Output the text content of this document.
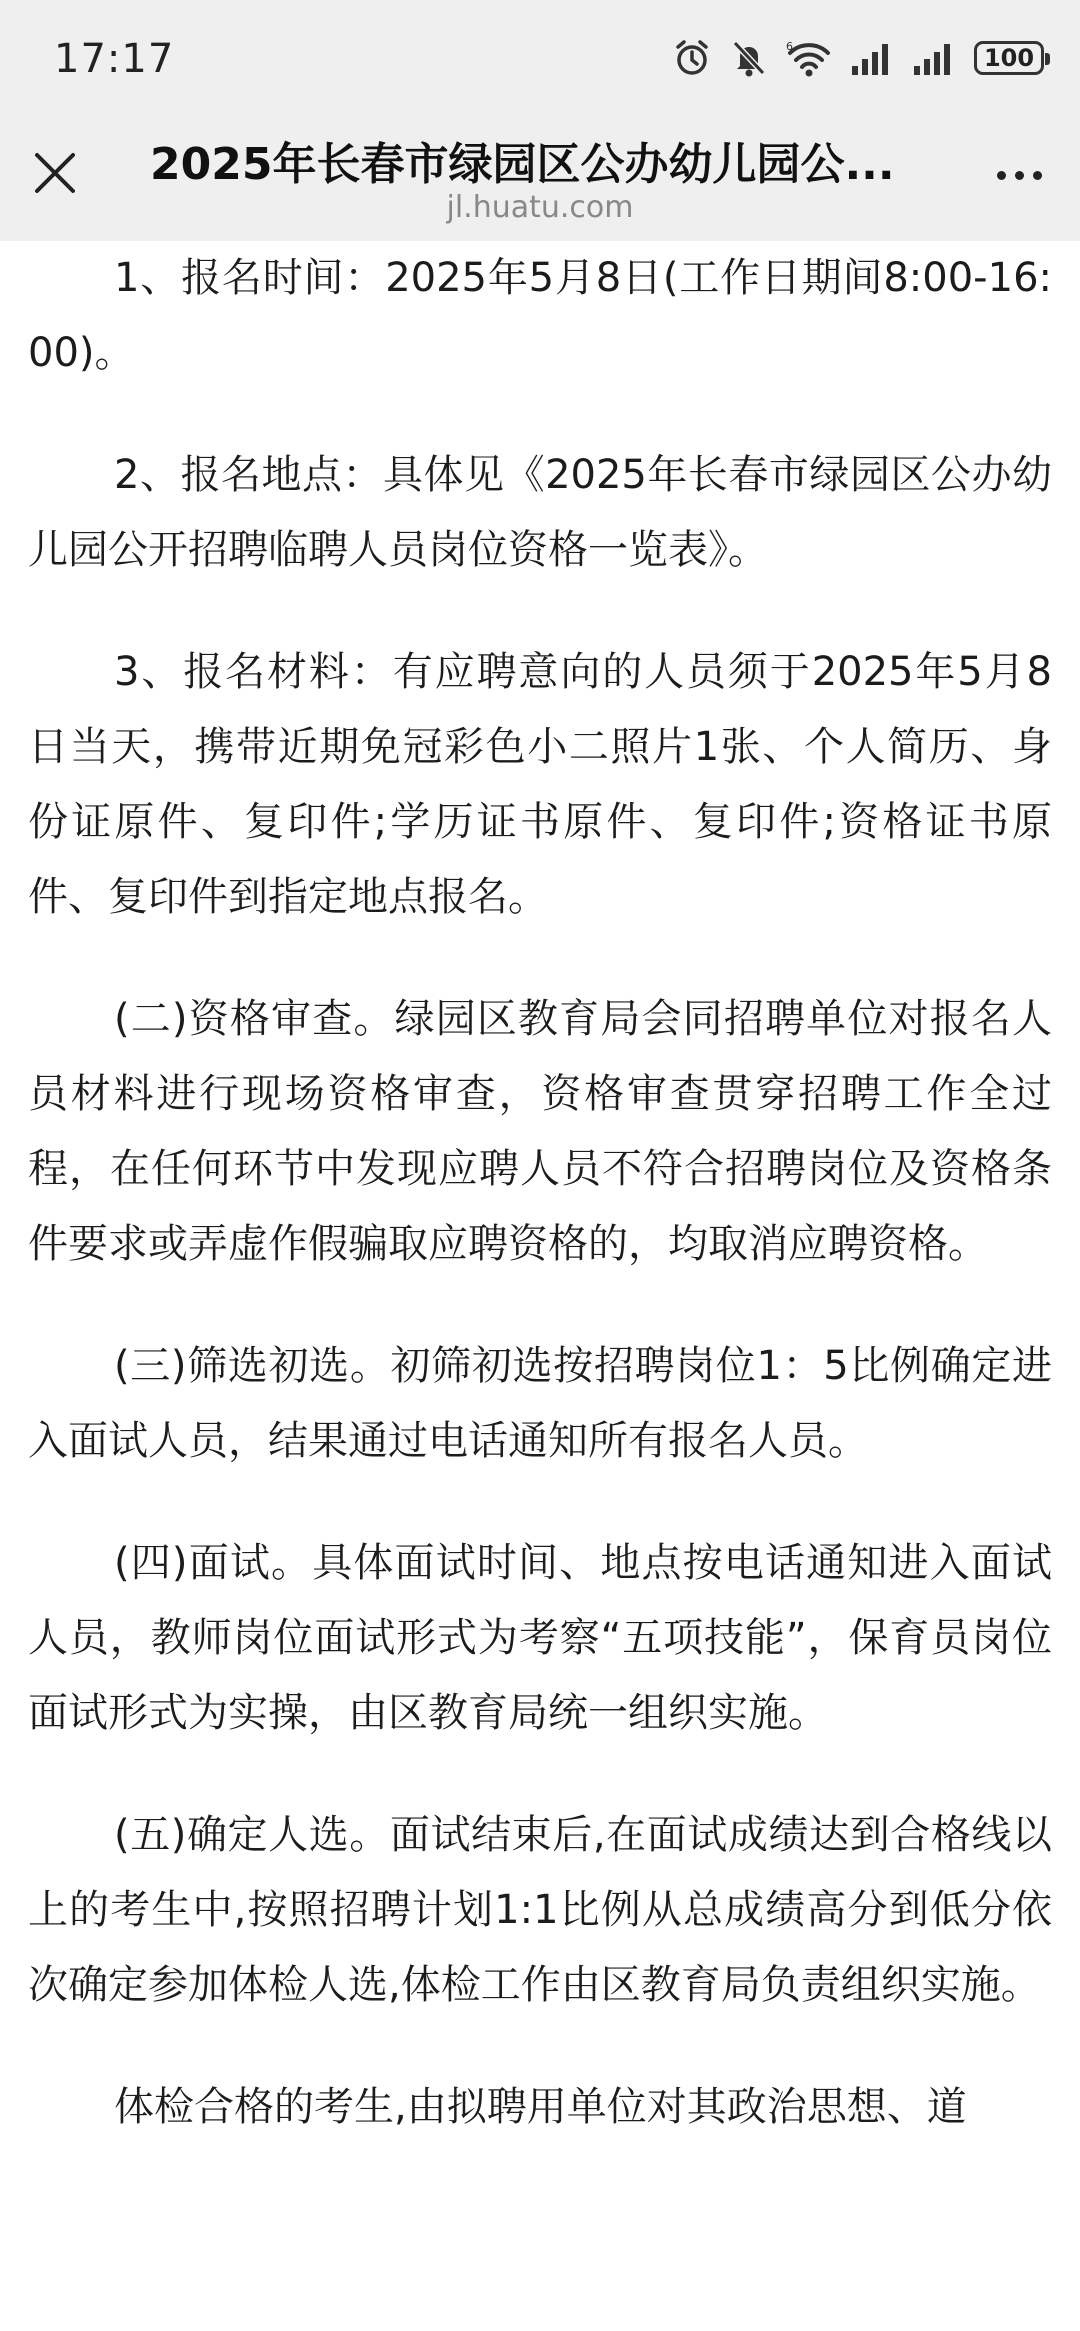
17:17	6	100
2025年长春市绿园区公办幼儿园公...
jl.huatu.com

1、报名时间：2025年5月8日(工作日期间8:00-16:00)。

2、报名地点：具体见《2025年长春市绿园区公办幼儿园公开招聘临聘人员岗位资格一览表》。

3、报名材料：有应聘意向的人员须于2025年5月8日当天，携带近期免冠彩色小二照片1张、个人简历、身份证原件、复印件;学历证书原件、复印件;资格证书原件、复印件到指定地点报名。

(二)资格审查。绿园区教育局会同招聘单位对报名人员材料进行现场资格审查，资格审查贯穿招聘工作全过程，在任何环节中发现应聘人员不符合招聘岗位及资格条件要求或弄虚作假骗取应聘资格的，均取消应聘资格。

(三)筛选初选。初筛初选按招聘岗位1：5比例确定进入面试人员，结果通过电话通知所有报名人员。

(四)面试。具体面试时间、地点按电话通知进入面试人员，教师岗位面试形式为考察“五项技能”，保育员岗位面试形式为实操，由区教育局统一组织实施。

(五)确定人选。面试结束后,在面试成绩达到合格线以上的考生中,按照招聘计划1:1比例从总成绩高分到低分依次确定参加体检人选,体检工作由区教育局负责组织实施。

体检合格的考生,由拟聘用单位对其政治思想、道
